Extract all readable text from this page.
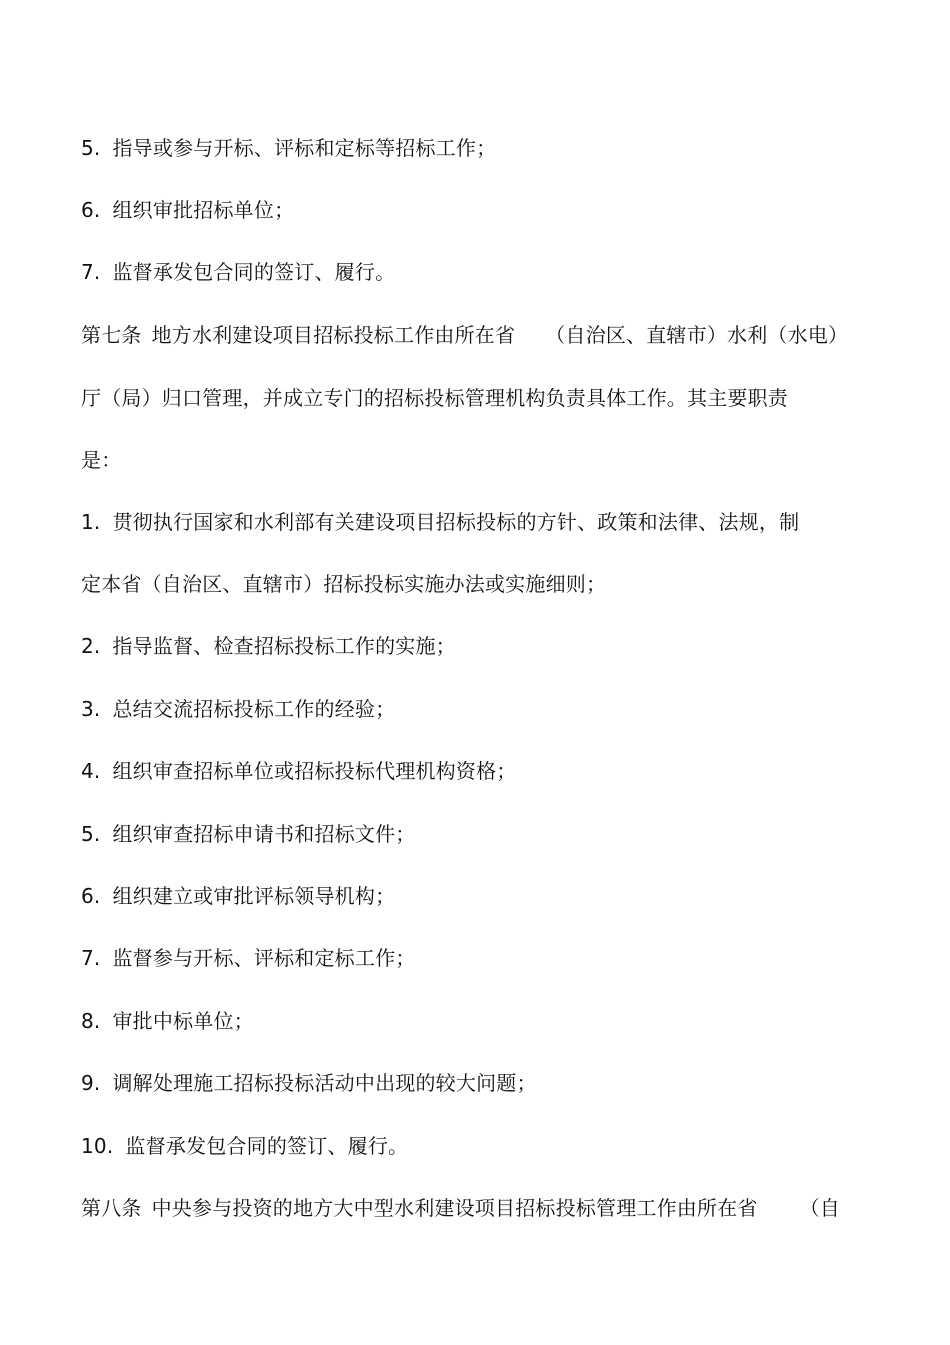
5. 指导或参与开标、评标和定标等招标工作；
6. 组织审批招标单位；
7. 监督承发包合同的签订、履行。
第七条 地方水利建设项目招标投标工作由所在省 （自治区、直辖市）水利（水电）
厅（局）归口管理，并成立专门的招标投标管理机构负责具体工作。其主要职责
是：
1. 贯彻执行国家和水利部有关建设项目招标投标的方针、政策和法律、法规，制
定本省（自治区、直辖市）招标投标实施办法或实施细则；
2. 指导监督、检查招标投标工作的实施；
3. 总结交流招标投标工作的经验；
4. 组织审查招标单位或招标投标代理机构资格；
5. 组织审查招标申请书和招标文件；
6. 组织建立或审批评标领导机构；
7. 监督参与开标、评标和定标工作；
8. 审批中标单位；
9. 调解处理施工招标投标活动中出现的较大问题；
10. 监督承发包合同的签订、履行。
第八条 中央参与投资的地方大中型水利建设项目招标投标管理工作由所在省 （自
